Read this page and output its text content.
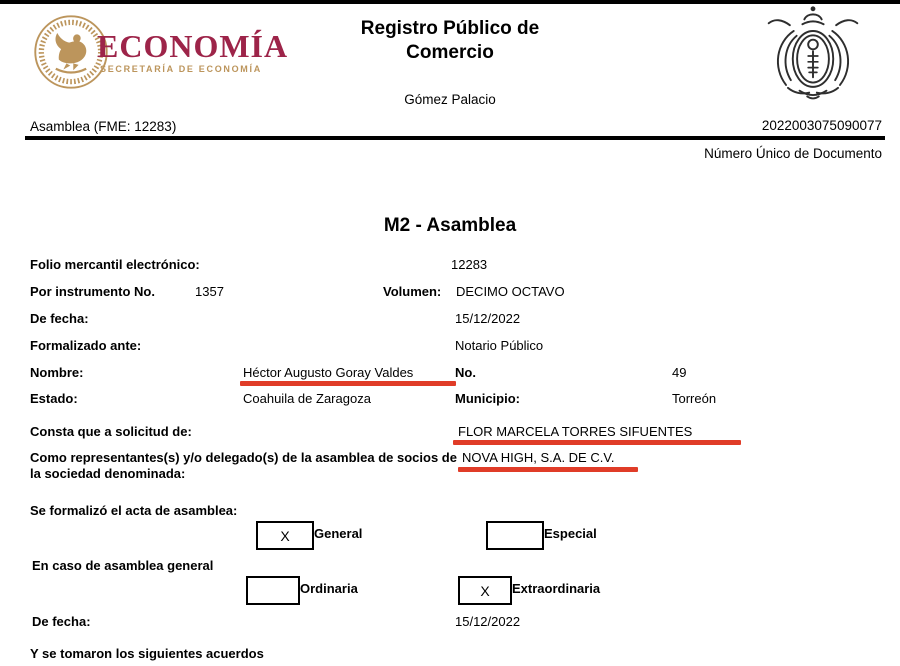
ECONOMÍA
SECRETARÍA DE ECONOMÍA
Registro Público de
Comercio
Gómez Palacio
Asamblea (FME: 12283)	2022003075090077
Número Único de Documento
M2 - Asamblea
Folio mercantil electrónico:	12283
Por instrumento No.	1357	Volumen: DECIMO OCTAVO
De fecha:	15/12/2022
Formalizado ante:	Notario Público
Nombre:	Héctor Augusto Goray Valdes	No.	49
Estado:	Coahuila de Zaragoza	Municipio:	Torreón
Consta que a solicitud de:	FLOR MARCELA TORRES SIFUENTES
Como representantes(s) y/o delegado(s) de la asamblea de socios de la sociedad denominada:
NOVA HIGH, S.A. DE C.V.
Se formalizó el acta de asamblea:
X General	Especial
En caso de asamblea general
Ordinaria	X Extraordinaria
De fecha:	15/12/2022
Y se tomaron los siguientes acuerdos
